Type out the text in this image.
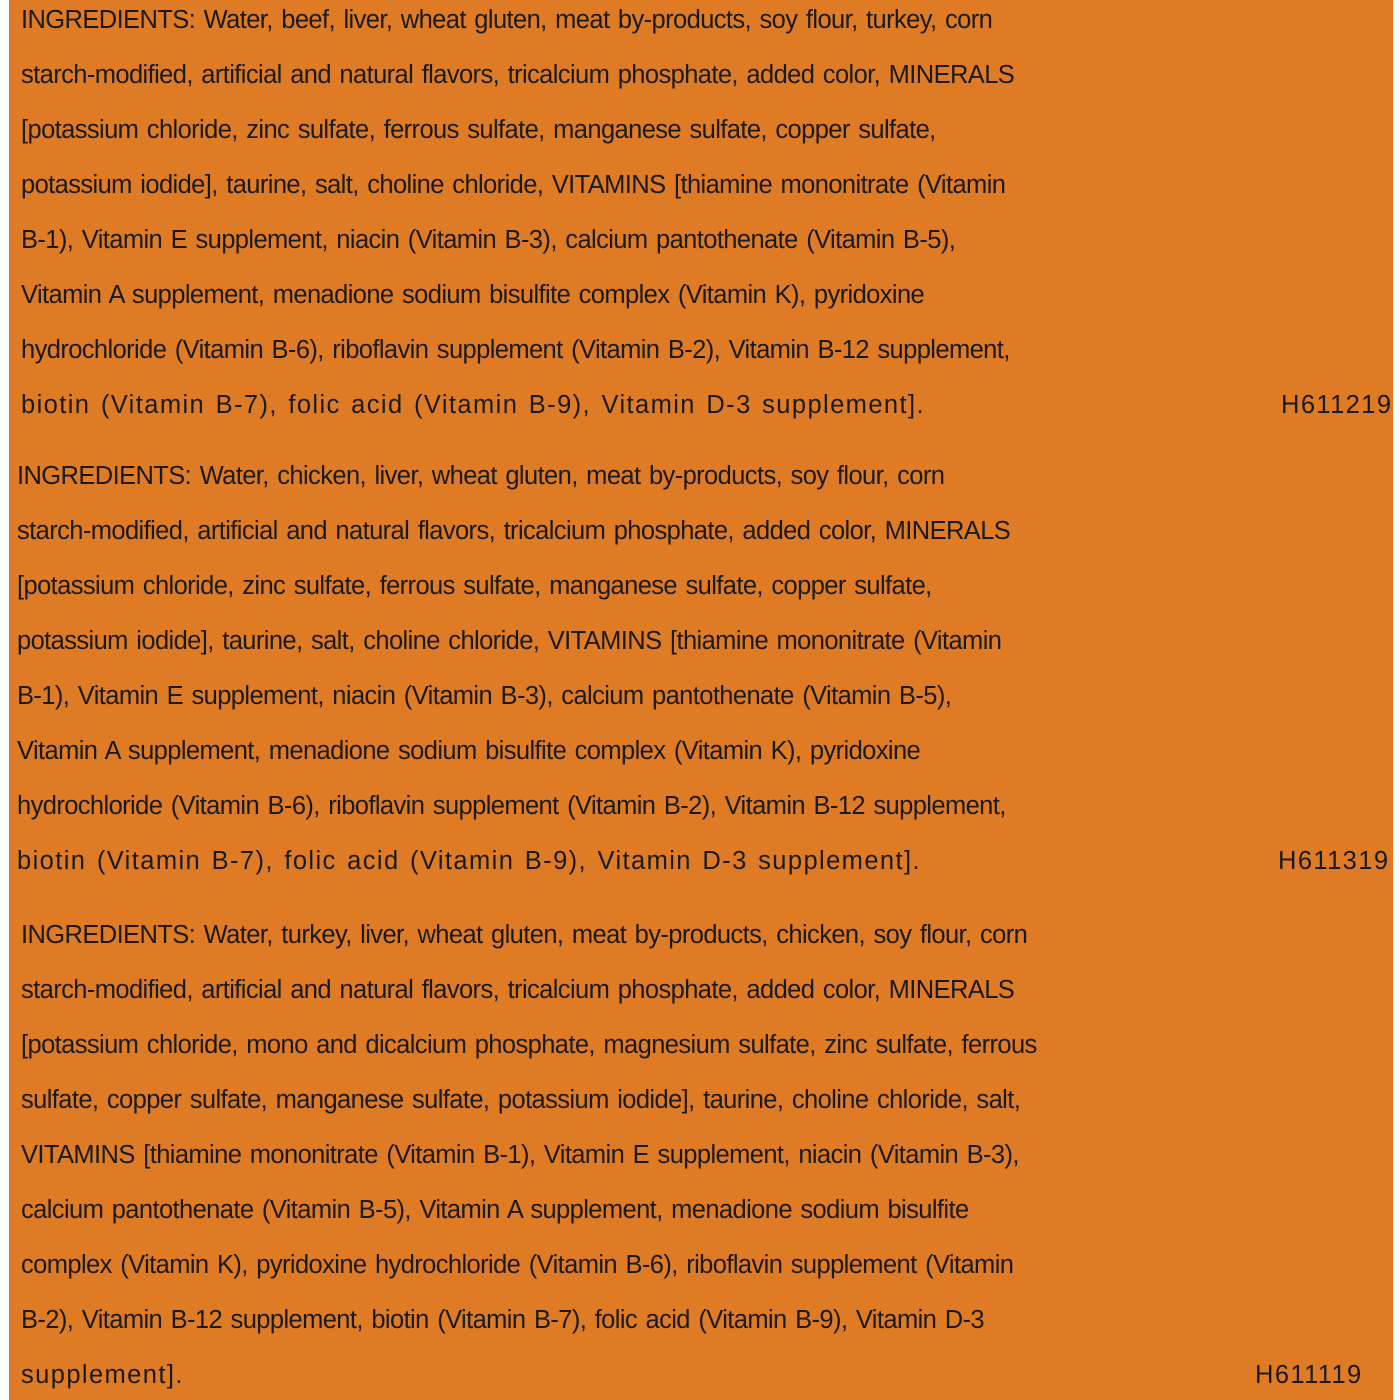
INGREDIENTS: Water, beef, liver, wheat gluten, meat by-products, soy flour, turkey, corn
starch-modified, artificial and natural flavors, tricalcium phosphate, added color, MINERALS
[potassium chloride, zinc sulfate, ferrous sulfate, manganese sulfate, copper sulfate,
potassium iodide], taurine, salt, choline chloride, VITAMINS [thiamine mononitrate (Vitamin
B-1), Vitamin E supplement, niacin (Vitamin B-3), calcium pantothenate (Vitamin B-5),
Vitamin A supplement, menadione sodium bisulfite complex (Vitamin K), pyridoxine
hydrochloride (Vitamin B-6), riboflavin supplement (Vitamin B-2), Vitamin B-12 supplement,
biotin (Vitamin B-7), folic acid (Vitamin B-9), Vitamin D-3 supplement].	H611219
INGREDIENTS: Water, chicken, liver, wheat gluten, meat by-products, soy flour, corn
starch-modified, artificial and natural flavors, tricalcium phosphate, added color, MINERALS
[potassium chloride, zinc sulfate, ferrous sulfate, manganese sulfate, copper sulfate,
potassium iodide], taurine, salt, choline chloride, VITAMINS [thiamine mononitrate (Vitamin
B-1), Vitamin E supplement, niacin (Vitamin B-3), calcium pantothenate (Vitamin B-5),
Vitamin A supplement, menadione sodium bisulfite complex (Vitamin K), pyridoxine
hydrochloride (Vitamin B-6), riboflavin supplement (Vitamin B-2), Vitamin B-12 supplement,
biotin (Vitamin B-7), folic acid (Vitamin B-9), Vitamin D-3 supplement].	H611319
INGREDIENTS: Water, turkey, liver, wheat gluten, meat by-products, chicken, soy flour, corn
starch-modified, artificial and natural flavors, tricalcium phosphate, added color, MINERALS
[potassium chloride, mono and dicalcium phosphate, magnesium sulfate, zinc sulfate, ferrous
sulfate, copper sulfate, manganese sulfate, potassium iodide], taurine, choline chloride, salt,
VITAMINS [thiamine mononitrate (Vitamin B-1), Vitamin E supplement, niacin (Vitamin B-3),
calcium pantothenate (Vitamin B-5), Vitamin A supplement, menadione sodium bisulfite
complex (Vitamin K), pyridoxine hydrochloride (Vitamin B-6), riboflavin supplement (Vitamin
B-2), Vitamin B-12 supplement, biotin (Vitamin B-7), folic acid (Vitamin B-9), Vitamin D-3
supplement].	H611119
